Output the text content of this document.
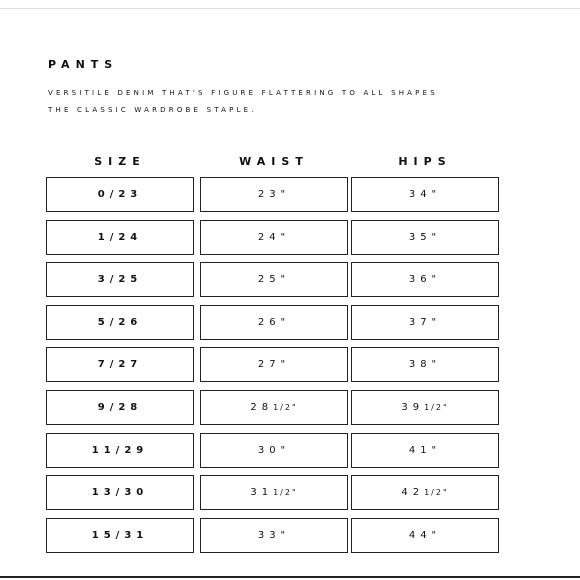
PANTS
VERSITILE DENIM THAT'S FIGURE FLATTERING TO ALL SHAPES
THE CLASSIC WARDROBE STAPLE.
SIZE	WAIST	HIPS
0/23	23"	34"
1/24	24"	35"
3/25	25"	36"
5/26	26"	37"
7/27	27"	38"
9/28	28 1/2"	39 1/2"
11/29	30"	41"
13/30	31 1/2"	42 1/2"
15/31	33"	44"
